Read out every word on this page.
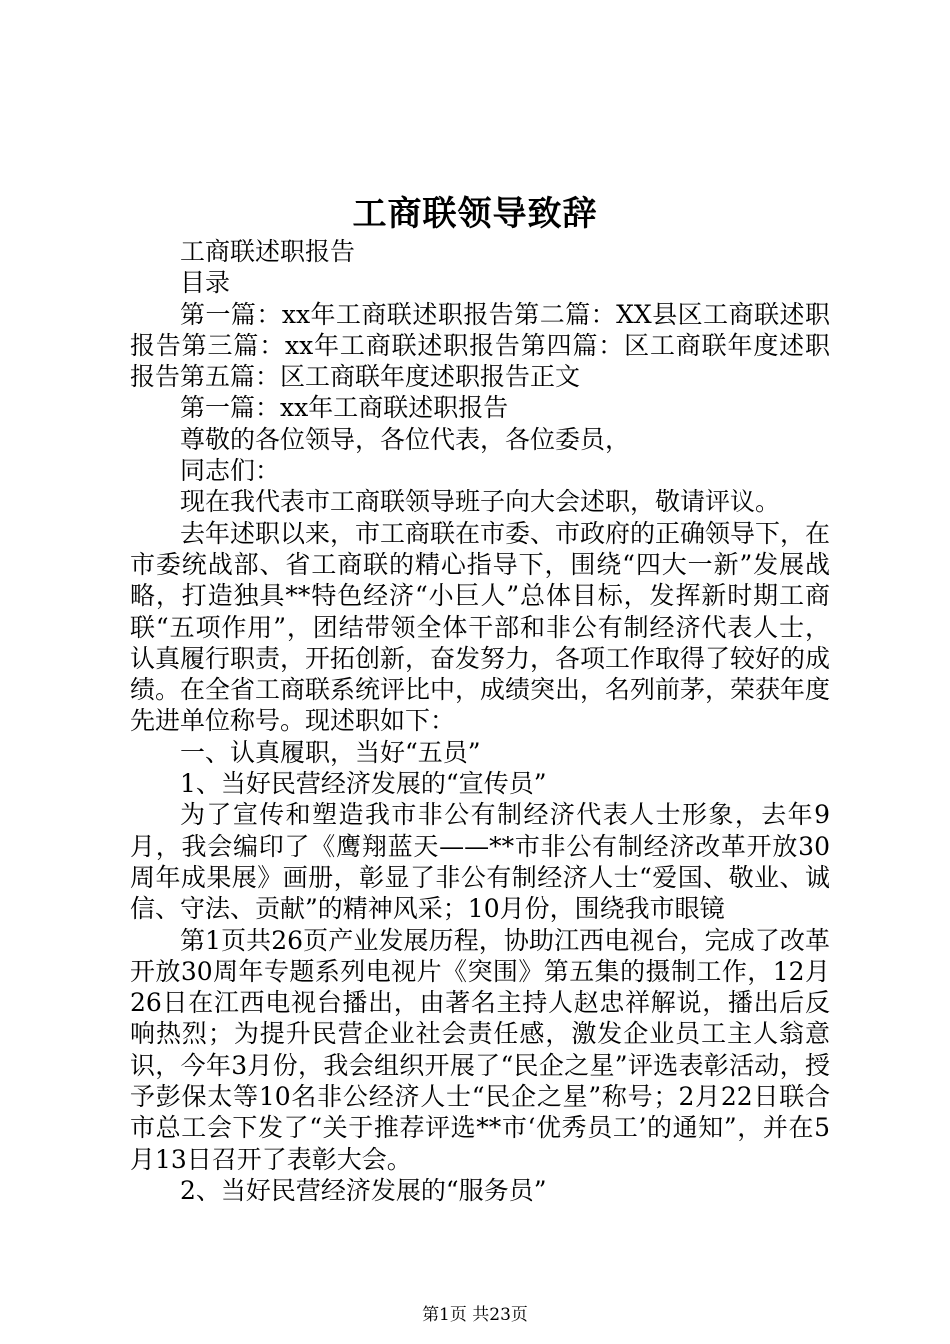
工商联领导致辞

工商联述职报告

目录

第一篇：xx年工商联述职报告第二篇：XX县区工商联述职报告第三篇：xx年工商联述职报告第四篇：区工商联年度述职报告第五篇：区工商联年度述职报告正文

第一篇：xx年工商联述职报告

尊敬的各位领导，各位代表，各位委员，

同志们：

现在我代表市工商联领导班子向大会述职，敬请评议。

去年述职以来，市工商联在市委、市政府的正确领导下，在市委统战部、省工商联的精心指导下，围绕“四大一新”发展战略，打造独具**特色经济“小巨人”总体目标，发挥新时期工商联“五项作用”，团结带领全体干部和非公有制经济代表人士，认真履行职责，开拓创新，奋发努力，各项工作取得了较好的成绩。在全省工商联系统评比中，成绩突出，名列前茅，荣获年度先进单位称号。现述职如下：

一、认真履职，当好“五员”

1、当好民营经济发展的“宣传员”

为了宣传和塑造我市非公有制经济代表人士形象，去年9月，我会编印了《鹰翔蓝天——**市非公有制经济改革开放30周年成果展》画册，彰显了非公有制经济人士“爱国、敬业、诚信、守法、贡献”的精神风采；10月份，围绕我市眼镜

第1页共26页产业发展历程，协助江西电视台，完成了改革开放30周年专题系列电视片《突围》第五集的摄制工作，12月26日在江西电视台播出，由著名主持人赵忠祥解说，播出后反响热烈；为提升民营企业社会责任感，激发企业员工主人翁意识，今年3月份，我会组织开展了“民企之星”评选表彰活动，授予彭保太等10名非公经济人士“民企之星”称号；2月22日联合市总工会下发了“关于推荐评选**市‘优秀员工’的通知”，并在5月13日召开了表彰大会。

2、当好民营经济发展的“服务员”

第1页 共23页
